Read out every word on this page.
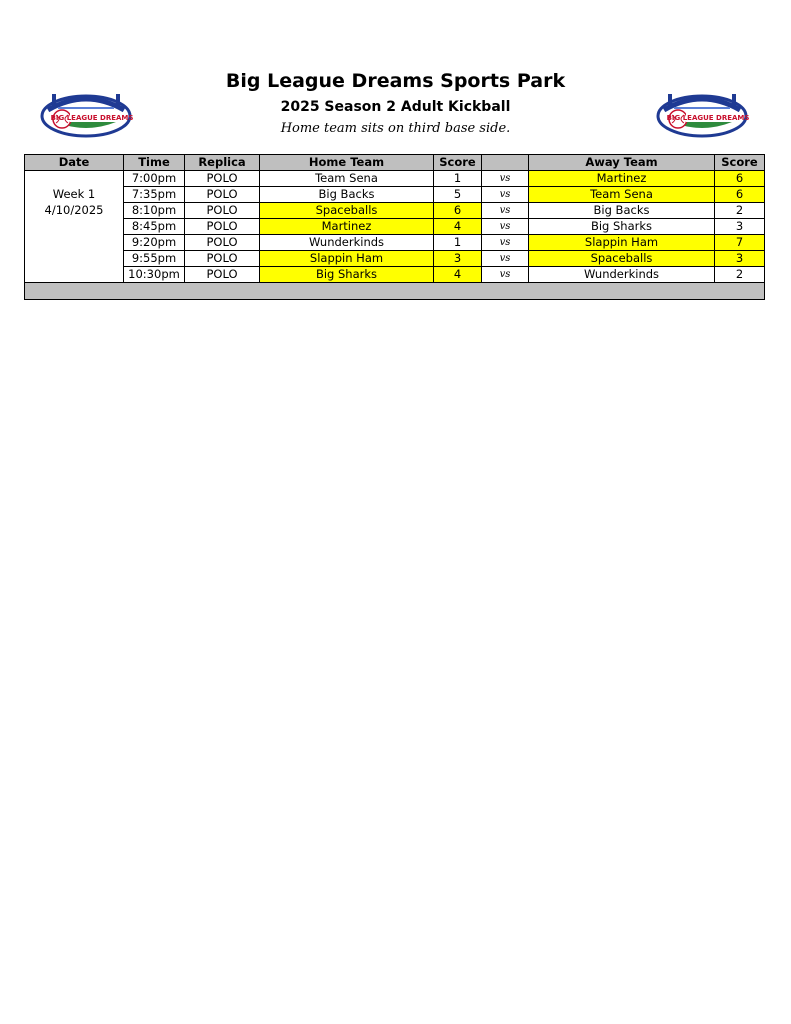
BIG LEAGUE DREAMS	BIG LEAGUE DREAMS
Big League Dreams Sports Park
2025 Season 2 Adult Kickball
Home team sits on third base side.
Date	Time	Replica	Home Team	Score		Away Team	Score
	7:00pm	POLO	Team Sena	1	vs	Martinez	6
Week 1	7:35pm	POLO	Big Backs	5	vs	Team Sena	6
4/10/2025	8:10pm	POLO	Spaceballs	6	vs	Big Backs	2
	8:45pm	POLO	Martinez	4	vs	Big Sharks	3
	9:20pm	POLO	Wunderkinds	1	vs	Slappin Ham	7
	9:55pm	POLO	Slappin Ham	3	vs	Spaceballs	3
	10:30pm	POLO	Big Sharks	4	vs	Wunderkinds	2
